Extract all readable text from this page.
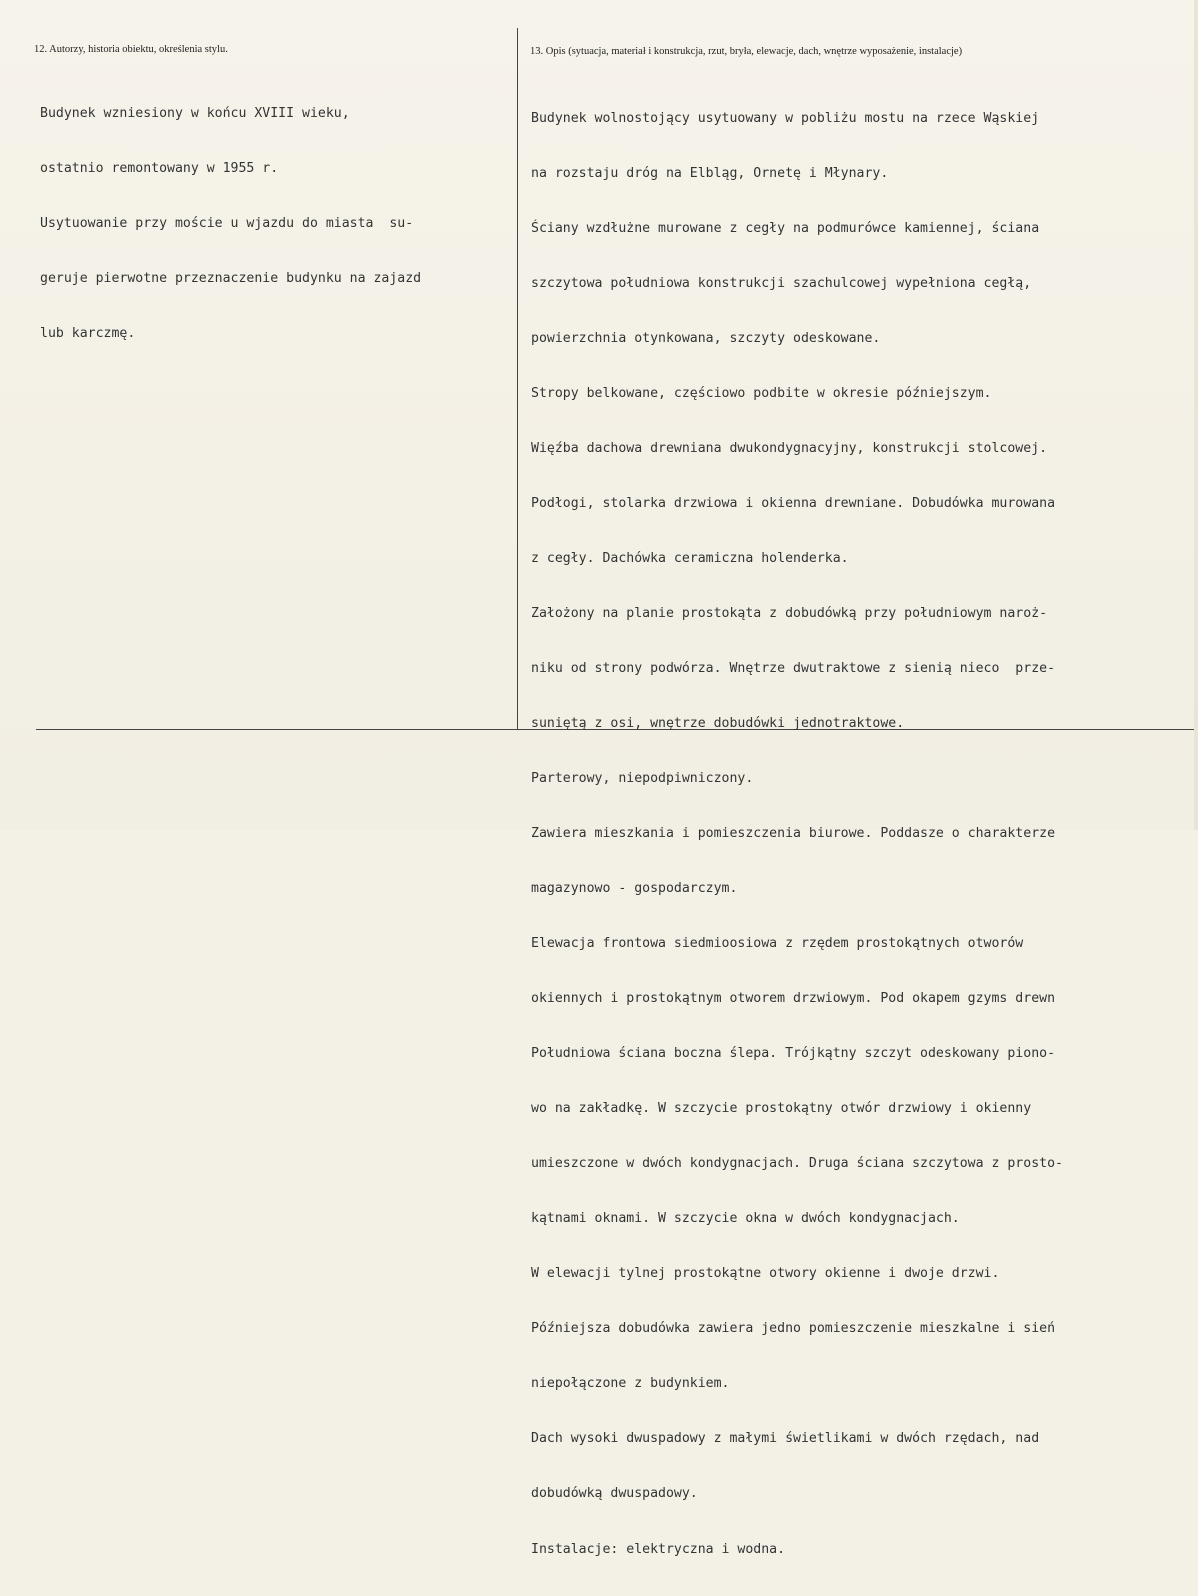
12. Autorzy, historia obiektu, określenia stylu.	13. Opis (sytuacja, materiał i konstrukcja, rzut, bryła, elewacje, dach, wnętrze wyposażenie, instalacje)

Budynek wzniesiony w końcu XVIII wieku,

ostatnio remontowany w 1955 r.

Usytuowanie przy moście u wjazdu do miasta  su-

geruje pierwotne przeznaczenie budynku na zajazd

lub karczmę.

Budynek wolnostojący usytuowany w pobliżu mostu na rzece Wąskiej

na rozstaju dróg na Elbląg, Ornetę i Młynary.

Ściany wzdłużne murowane z cegły na podmurówce kamiennej, ściana

szczytowa południowa konstrukcji szachulcowej wypełniona cegłą,

powierzchnia otynkowana, szczyty odeskowane.

Stropy belkowane, częściowo podbite w okresie późniejszym.

Więźba dachowa drewniana dwukondygnacyjny, konstrukcji stolcowej.

Podłogi, stolarka drzwiowa i okienna drewniane. Dobudówka murowana

z cegły. Dachówka ceramiczna holenderka.

Założony na planie prostokąta z dobudówką przy południowym naroż-

niku od strony podwórza. Wnętrze dwutraktowe z sienią nieco  prze-

suniętą z osi, wnętrze dobudówki jednotraktowe.

Parterowy, niepodpiwniczony.

Zawiera mieszkania i pomieszczenia biurowe. Poddasze o charakterze

magazynowo - gospodarczym.

Elewacja frontowa siedmioosiowa z rzędem prostokątnych otworów

okiennych i prostokątnym otworem drzwiowym. Pod okapem gzyms drewn

Południowa ściana boczna ślepa. Trójkątny szczyt odeskowany piono-

wo na zakładkę. W szczycie prostokątny otwór drzwiowy i okienny

umieszczone w dwóch kondygnacjach. Druga ściana szczytowa z prosto-

kątnami oknami. W szczycie okna w dwóch kondygnacjach.

W elewacji tylnej prostokątne otwory okienne i dwoje drzwi.

Późniejsza dobudówka zawiera jedno pomieszczenie mieszkalne i sień

niepołączone z budynkiem.

Dach wysoki dwuspadowy z małymi świetlikami w dwóch rzędach, nad

dobudówką dwuspadowy.

Instalacje: elektryczna i wodna.
